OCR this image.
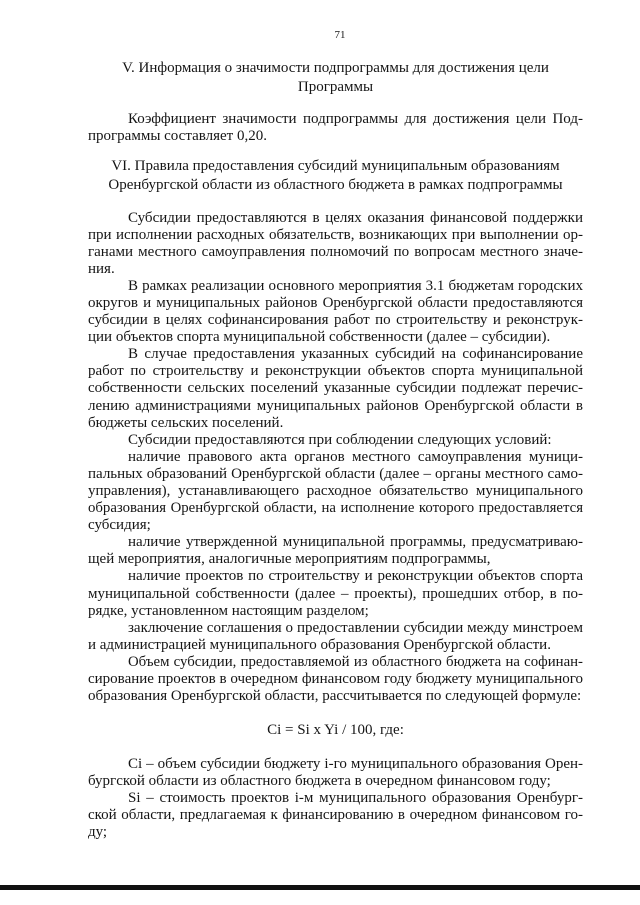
71
V. Информация о значимости подпрограммы для достижения цели
Программы
Коэффициент значимости подпрограммы для достижения цели Под-
программы составляет 0,20.
VI. Правила предоставления субсидий муниципальным образованиям
Оренбургской области из областного бюджета в рамках подпрограммы
Субсидии предоставляются в целях оказания финансовой поддержки
при исполнении расходных обязательств, возникающих при выполнении ор-
ганами местного самоуправления полномочий по вопросам местного значе-
ния.
В рамках реализации основного мероприятия 3.1 бюджетам городских
округов и муниципальных районов Оренбургской области предоставляются
субсидии в целях софинансирования работ по строительству и реконструк-
ции объектов спорта муниципальной собственности (далее – субсидии).
В случае предоставления указанных субсидий на софинансирование
работ по строительству и реконструкции объектов спорта муниципальной
собственности сельских поселений указанные субсидии подлежат перечис-
лению администрациями муниципальных районов Оренбургской области в
бюджеты сельских поселений.
Субсидии предоставляются при соблюдении следующих условий:
наличие правового акта органов местного самоуправления муници-
пальных образований Оренбургской области (далее – органы местного само-
управления), устанавливающего расходное обязательство муниципального
образования Оренбургской области, на исполнение которого предоставляется
субсидия;
наличие утвержденной муниципальной программы, предусматриваю-
щей мероприятия, аналогичные мероприятиям подпрограммы,
наличие проектов по строительству и реконструкции объектов спорта
муниципальной собственности (далее – проекты), прошедших отбор, в по-
рядке, установленном настоящим разделом;
заключение соглашения о предоставлении субсидии между минстроем
и администрацией муниципального образования Оренбургской области.
Объем субсидии, предоставляемой из областного бюджета на софинан-
сирование проектов в очередном финансовом году бюджету муниципального
образования Оренбургской области, рассчитывается по следующей формуле:
Ci = Si x Yi / 100, где:
Ci – объем субсидии бюджету i-го муниципального образования Орен-
бургской области из областного бюджета в очередном финансовом году;
Si – стоимость проектов i-м муниципального образования Оренбург-
ской области, предлагаемая к финансированию в очередном финансовом го-
ду;
